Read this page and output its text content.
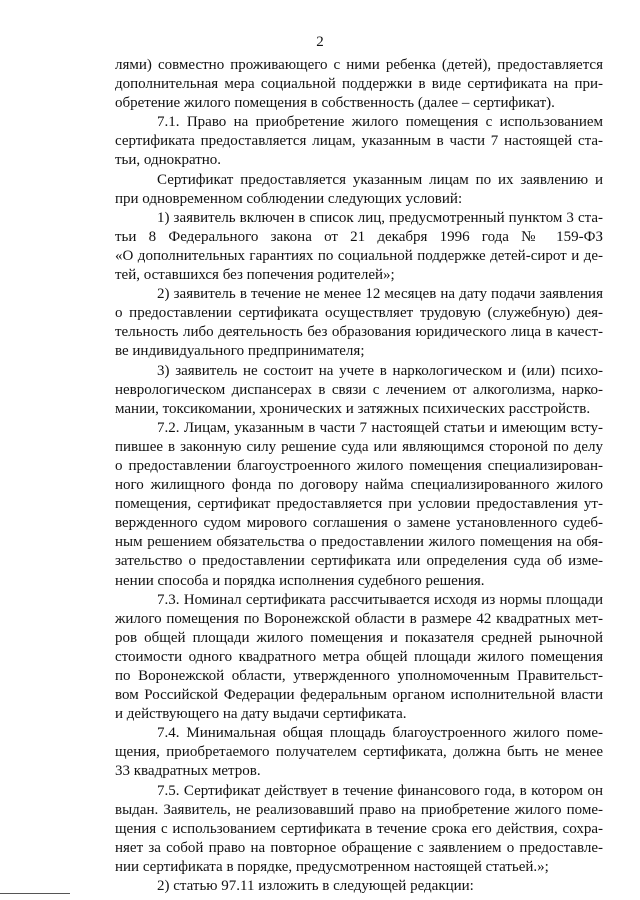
2
лями) совместно проживающего с ними ребенка (детей), предоставляется
дополнительная мера социальной поддержки в виде сертификата на при-
обретение жилого помещения в собственность (далее – сертификат).
7.1. Право на приобретение жилого помещения с использованием
сертификата предоставляется лицам, указанным в части 7 настоящей ста-
тьи, однократно.
Сертификат предоставляется указанным лицам по их заявлению и
при одновременном соблюдении следующих условий:
1) заявитель включен в список лиц, предусмотренный пунктом 3 ста-
тьи 8 Федерального закона от 21 декабря 1996 года № 159-ФЗ
«О дополнительных гарантиях по социальной поддержке детей-сирот и де-
тей, оставшихся без попечения родителей»;
2) заявитель в течение не менее 12 месяцев на дату подачи заявления
о предоставлении сертификата осуществляет трудовую (служебную) дея-
тельность либо деятельность без образования юридического лица в качест-
ве индивидуального предпринимателя;
3) заявитель не состоит на учете в наркологическом и (или) психо-
неврологическом диспансерах в связи с лечением от алкоголизма, нарко-
мании, токсикомании, хронических и затяжных психических расстройств.
7.2. Лицам, указанным в части 7 настоящей статьи и имеющим всту-
пившее в законную силу решение суда или являющимся стороной по делу
о предоставлении благоустроенного жилого помещения специализирован-
ного жилищного фонда по договору найма специализированного жилого
помещения, сертификат предоставляется при условии предоставления ут-
вержденного судом мирового соглашения о замене установленного судеб-
ным решением обязательства о предоставлении жилого помещения на обя-
зательство о предоставлении сертификата или определения суда об изме-
нении способа и порядка исполнения судебного решения.
7.3. Номинал сертификата рассчитывается исходя из нормы площади
жилого помещения по Воронежской области в размере 42 квадратных мет-
ров общей площади жилого помещения и показателя средней рыночной
стоимости одного квадратного метра общей площади жилого помещения
по Воронежской области, утвержденного уполномоченным Правительст-
вом Российской Федерации федеральным органом исполнительной власти
и действующего на дату выдачи сертификата.
7.4. Минимальная общая площадь благоустроенного жилого поме-
щения, приобретаемого получателем сертификата, должна быть не менее
33 квадратных метров.
7.5. Сертификат действует в течение финансового года, в котором он
выдан. Заявитель, не реализовавший право на приобретение жилого поме-
щения с использованием сертификата в течение срока его действия, сохра-
няет за собой право на повторное обращение с заявлением о предоставле-
нии сертификата в порядке, предусмотренном настоящей статьей.»;
2) статью 97.11 изложить в следующей редакции:
